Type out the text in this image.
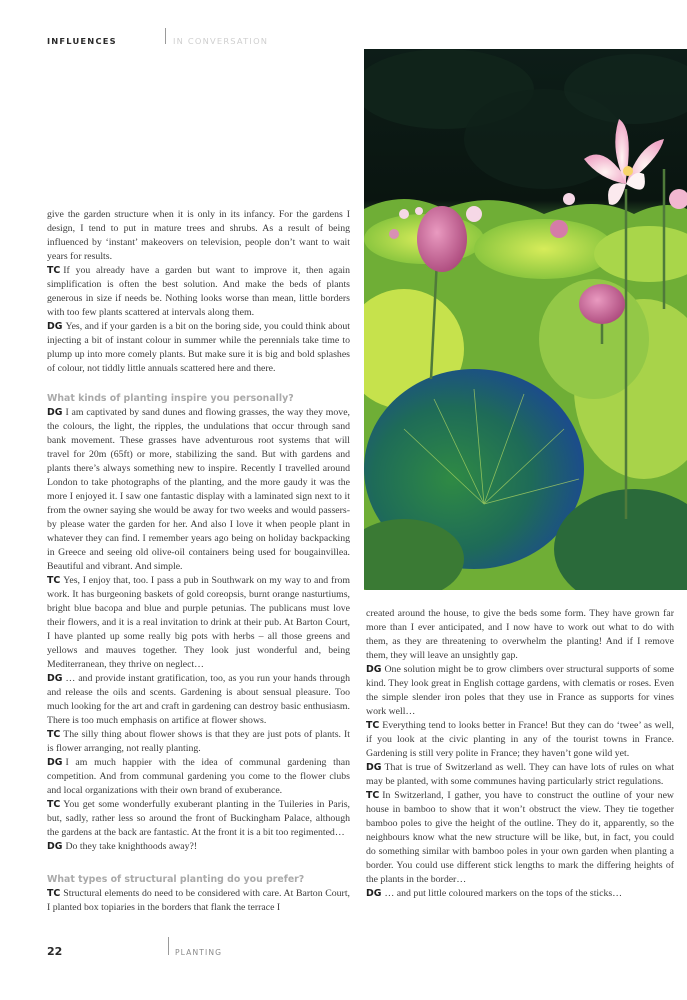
INFLUENCES	IN CONVERSATION

give the garden structure when it is only in its infancy. For the gardens I design, I tend to put in mature trees and shrubs. As a result of being influenced by ‘instant’ makeovers on television, people don’t want to wait years for results.

TC If you already have a garden but want to improve it, then again simplification is often the best solution. And make the beds of plants generous in size if needs be. Nothing looks worse than mean, little borders with too few plants scattered at intervals along them.

DG Yes, and if your garden is a bit on the boring side, you could think about injecting a bit of instant colour in summer while the perennials take time to plump up into more comely plants. But make sure it is big and bold splashes of colour, not tiddly little annuals scattered here and there.

What kinds of planting inspire you personally?

DG I am captivated by sand dunes and flowing grasses, the way they move, the colours, the light, the ripples, the undulations that occur through sand bank movement. These grasses have adventurous root systems that will travel for 20m (65ft) or more, stabilizing the sand. But with gardens and plants there’s always something new to inspire. Recently I travelled around London to take photographs of the planting, and the more gaudy it was the more I enjoyed it. I saw one fantastic display with a laminated sign next to it from the owner saying she would be away for two weeks and would passers-by please water the garden for her. And also I love it when people plant in whatever they can find. I remember years ago being on holiday backpacking in Greece and seeing old olive-oil containers being used for bougainvillea. Beautiful and vibrant. And simple.

TC Yes, I enjoy that, too. I pass a pub in Southwark on my way to and from work. It has burgeoning baskets of gold coreopsis, burnt orange nasturtiums, bright blue bacopa and blue and purple petunias. The publicans must love their flowers, and it is a real invitation to drink at their pub. At Barton Court, I have planted up some really big pots with herbs – all those greens and yellows and mauves together. They look just wonderful and, being Mediterranean, they thrive on neglect…

DG … and provide instant gratification, too, as you run your hands through and release the oils and scents. Gardening is about sensual pleasure. Too much looking for the art and craft in gardening can destroy basic enthusiasm. There is too much emphasis on artifice at flower shows.

TC The silly thing about flower shows is that they are just pots of plants. It is flower arranging, not really planting.

DG I am much happier with the idea of communal gardening than competition. And from communal gardening you come to the flower clubs and local organizations with their own brand of exuberance.

TC You get some wonderfully exuberant planting in the Tuileries in Paris, but, sadly, rather less so around the front of Buckingham Palace, although the gardens at the back are fantastic. At the front it is a bit too regimented…

DG Do they take knighthoods away?!

What types of structural planting do you prefer?

TC Structural elements do need to be considered with care. At Barton Court, I planted box topiaries in the borders that flank the terrace I

created around the house, to give the beds some form. They have grown far more than I ever anticipated, and I now have to work out what to do with them, as they are threatening to overwhelm the planting! And if I remove them, they will leave an unsightly gap.

DG One solution might be to grow climbers over structural supports of some kind. They look great in English cottage gardens, with clematis or roses. Even the simple slender iron poles that they use in France as supports for vines work well…

TC Everything tend to looks better in France! But they can do ‘twee’ as well, if you look at the civic planting in any of the tourist towns in France. Gardening is still very polite in France; they haven’t gone wild yet.

DG That is true of Switzerland as well. They can have lots of rules on what may be planted, with some communes having particularly strict regulations.

TC In Switzerland, I gather, you have to construct the outline of your new house in bamboo to show that it won’t obstruct the view. They tie together bamboo poles to give the height of the outline. They do it, apparently, so the neighbours know what the new structure will be like, but, in fact, you could do something similar with bamboo poles in your own garden when planting a border. You could use different stick lengths to mark the differing heights of the plants in the border…

DG … and put little coloured markers on the tops of the sticks…

22	PLANTING
